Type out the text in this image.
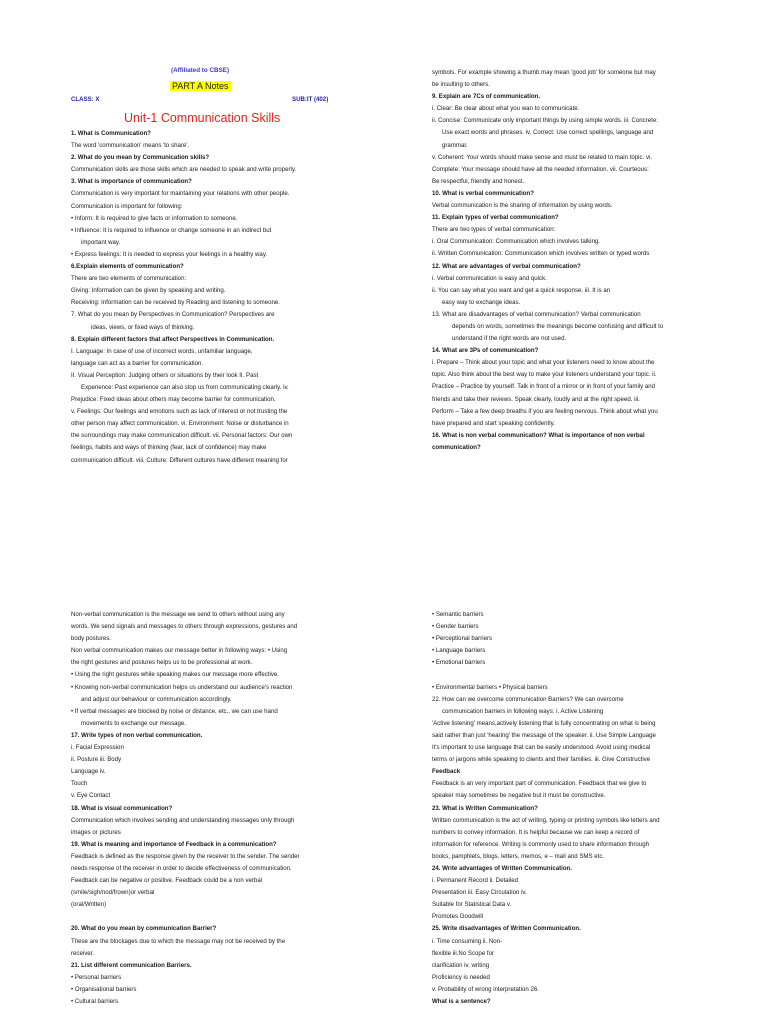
(Affiliated to CBSE)
PART A Notes
CLASS: X	SUB:IT (402)
Unit-1 Communication Skills

1. What is Communication?

The word 'communication' means 'to share'.

2. What do you mean by Communication skills?

Communication skills are those skills which are needed to speak and write properly.

3. What is importance of communication?

Communication is very important for maintaining your relations with other people.

Communication is important for following:

• Inform: It is required to give facts or information to someone.

• Influence: It is required to influence or change someone in an indirect but

important way.

• Express feelings: It is needed to express your feelings in a healthy way.

6.Explain elements of communication?

There are two elements of communication:

Giving: Information can be given by speaking and writing.

Receiving: Information can be received by Reading and listening to someone.

7. What do you mean by Perspectives in Communication? Perspectives are

ideas, views, or fixed ways of thinking.

8. Explain different factors that affect Perspectives in Communication.

I. Language: In case of use of incorrect words, unfamiliar language,

language can act as a barrier for communication.

II. Visual Perception: Judging others or situations by their look II. Past

Experience: Past experience can also stop us from communicating clearly. iv.

Prejudice: Fixed ideas about others may become barrier for communication.

v. Feelings: Our feelings and emotions such as lack of interest or not trusting the

other person may affect communication. vi. Environment: Noise or disturbance in

the surroundings may make communication difficult. vii. Personal factors: Our own

feelings, habits and ways of thinking (fear, lack of confidence) may make

communication difficult. viii. Culture: Different cultures have different meaning for

symbols. For example showing a thumb may mean 'good job' for someone but may

be insulting to others.

9. Explain are 7Cs of communication.

i. Clear: Be clear about what you wan to communicate.

ii. Concise: Communicate only important things by using simple words. iii. Concrete:

Use exact words and phrases. iv. Correct: Use correct spellings, language and

grammar.

v. Coherent: Your words should make sense and must be related to main topic. vi.

Complete: Your message should have all the needed information. vii. Courteous:

Be respectful, friendly and honest.

10. What is verbal communication?

Verbal communication is the sharing of information by using words.

11. Explain types of verbal communication?

There are two types of verbal communication:

i. Oral Communication: Communication which involves talking.

ii. Written Communication: Communication which involves written or typed words

12. What are advantages of verbal communication?

i. Verbal communication is easy and quick.

ii. You can say what you want and get a quick response. iii. It is an

easy way to exchange ideas.

13. What are disadvantages of verbal communication? Verbal communication

depends on words, sometimes the meanings become confusing and difficult to

understand if the right words are not used.

14. What are 3Ps of communication?

i. Prepare – Think about your topic and what your listeners need to know about the

topic. Also think about the best way to make your listeners understand your topic. ii.

Practice – Practice by yourself. Talk in front of a mirror or in front of your family and

friends and take their reviews. Speak clearly, loudly and at the right speed. iii.

Perform – Take a few deep breaths if you are feeling nervous. Think about what you

have prepared and start speaking confidently.

16. What is non verbal communication? What is importance of non verbal

communication?

Non-verbal communication is the message we send to others without using any

words. We send signals and messages to others through expressions, gestures and

body postures.

Non verbal communication makes our message better in following ways: • Using

the right gestures and postures helps us to be professional at work.

• Using the right gestures while speaking makes our message more effective.

• Knowing non-verbal communication helps us understand our audience's reaction

and adjust our behaviour or communication accordingly.

• If verbal messages are blocked by noise or distance, etc., we can use hand

movements to exchange our message.

17. Write types of non verbal communication.

i. Facial Expression

ii. Posture iii. Body

Language iv.

Touch

v. Eye Contact

18. What is visual communication?

Communication which involves sending and understanding messages only through

images or pictures

19. What is meaning and importance of Feedback in a communication?

Feedback is defined as the response given by the receiver to the sender. The sender

needs response of the receiver in order to decide effectiveness of communication.

Feedback can be negative or positive. Feedback could be a non verbal

(smile/sigh/nod/frown)or verbal

(oral/Written)

20. What do you mean by communication Barrier?

These are the blockages due to which the message may not be received by the

receiver.

21. List different communication Barriers.

• Personal barriers

• Organisational barriers

• Cultural barriers

• Semantic barriers

• Gender barriers

• Perceptional barriers

• Language barriers

• Emotional barriers

• Environmental barriers • Physical barriers

22. How can we overcome communication Barriers? We can overcome

communication barriers in following ways: i. Active Listening

'Active listening' means,actively listening that is fully concentrating on what is being

said rather than just 'hearing' the message of the speaker. ii. Use Simple Language

It's important to use language that can be easily understood. Avoid using medical

terms or jargons while speaking to clients and their families. iii. Give Constructive

Feedback

Feedback is an very important part of communication. Feedback that we give to

speaker may sometimes be negative but it must be constructive.

23. What is Written Communication?

Written communication is the act of writing, typing or printing symbols like letters and

numbers to convey information. It is helpful because we can keep a record of

information for reference. Writing is commonly used to share information through

books, pamphlets, blogs, letters, memos, e – mail and SMS etc.

24. Write advantages of Written Communication.

i. Permanent Record ii. Detailed

Presentation iii. Easy Circulation iv.

Suitable for Statistical Data v.

Promotes Goodwill

25. Write disadvantages of Written Communication.

i. Time consuming ii. Non-

flexible iii.No Scope for

clarification iv. writing

Proficiency is needed

v. Probability of wrong interpretation 26.

What is a sentence?
